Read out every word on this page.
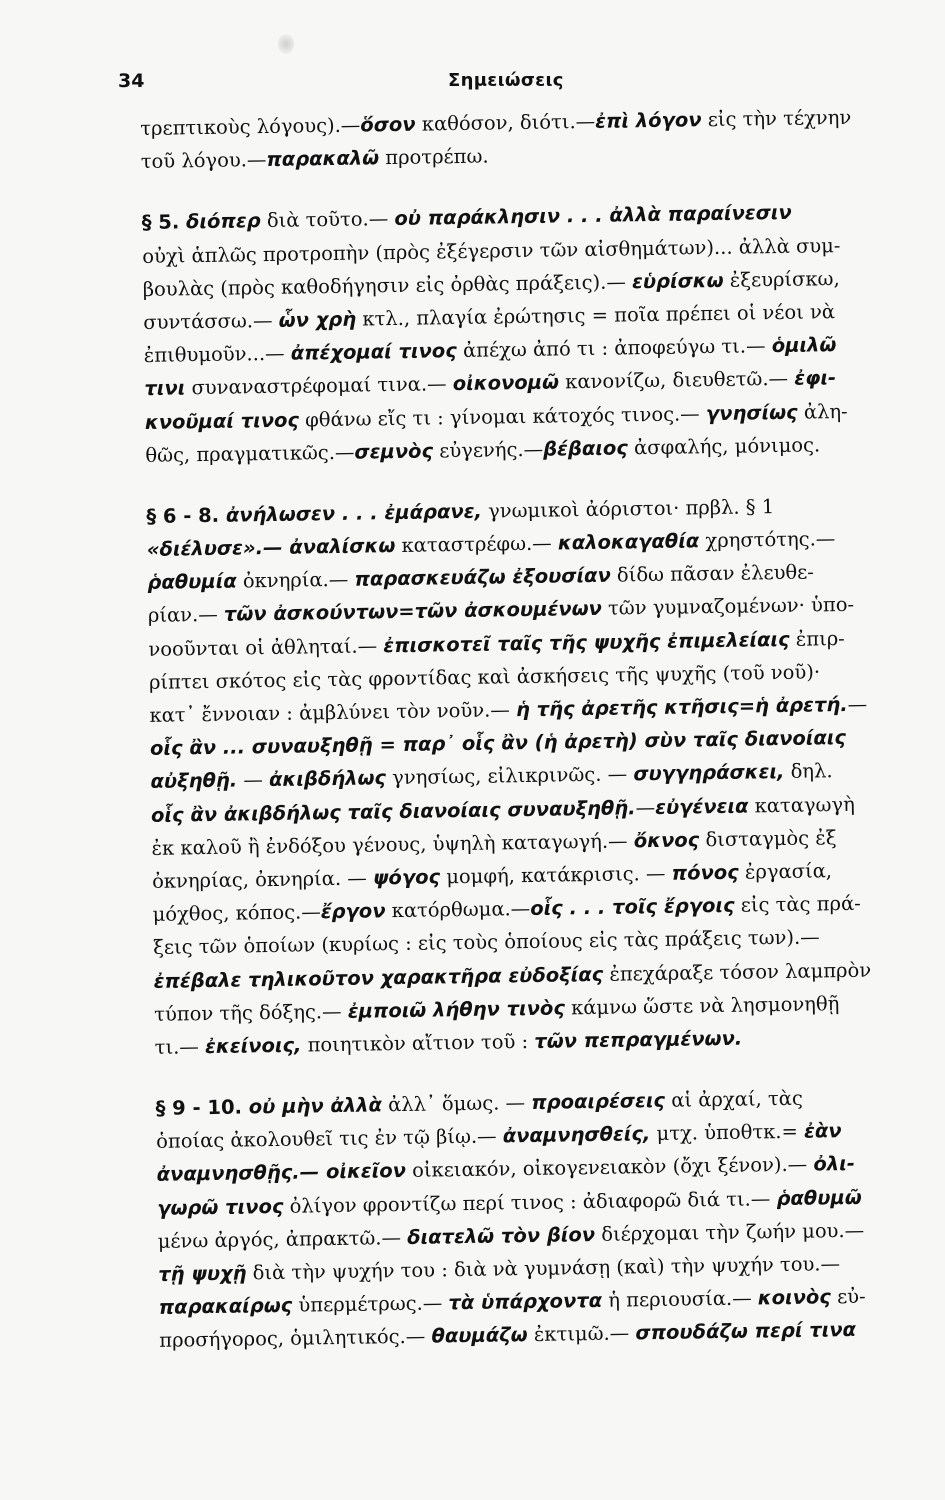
34	Σημειώσεις
τρεπτικοὺς λόγους).—ὅσον καθόσον, διότι.—ἐπὶ λόγον εἰς τὴν τέχνην
τοῦ λόγου.—παρακαλῶ προτρέπω.
§ 5. διόπερ διὰ τοῦτο.— οὐ παράκλησιν . . . ἀλλὰ παραίνεσιν
οὐχὶ ἁπλῶς προτροπὴν (πρὸς ἐξέγερσιν τῶν αἰσθημάτων)... ἀλλὰ συμ-
βουλὰς (πρὸς καθοδήγησιν εἰς ὀρθὰς πράξεις).— εὑρίσκω ἐξευρίσκω,
συντάσσω.— ὧν χρὴ κτλ., πλαγία ἐρώτησις = ποῖα πρέπει οἱ νέοι νὰ
ἐπιθυμοῦν...— ἀπέχομαί τινος ἀπέχω ἀπό τι : ἀποφεύγω τι.— ὁμιλῶ
τινι συναναστρέφομαί τινα.— οἰκονομῶ κανονίζω, διευθετῶ.— ἐφι-
κνοῦμαί τινος φθάνω εἴς τι : γίνομαι κάτοχός τινος.— γνησίως ἀλη-
θῶς, πραγματικῶς.—σεμνὸς εὐγενής.—βέβαιος ἀσφαλής, μόνιμος.
§ 6 - 8. ἀνήλωσεν . . . ἐμάρανε, γνωμικοὶ ἀόριστοι· πρβλ. § 1
«διέλυσε».— ἀναλίσκω καταστρέφω.— καλοκαγαθία χρηστότης.—
ῥαθυμία ὀκνηρία.— παρασκευάζω ἐξουσίαν δίδω πᾶσαν ἐλευθε-
ρίαν.— τῶν ἀσκούντων=τῶν ἀσκουμένων τῶν γυμναζομένων· ὑπο-
νοοῦνται οἱ ἀθληταί.— ἐπισκοτεῖ ταῖς τῆς ψυχῆς ἐπιμελείαις ἐπιρ-
ρίπτει σκότος εἰς τὰς φροντίδας καὶ ἀσκήσεις τῆς ψυχῆς (τοῦ νοῦ)·
κατ᾿ ἔννοιαν : ἀμβλύνει τὸν νοῦν.— ἡ τῆς ἀρετῆς κτῆσις=ἡ ἀρετή.—
οἷς ἂν ... συναυξηθῇ = παρ᾿ οἷς ἂν (ἡ ἀρετὴ) σὺν ταῖς διανοίαις
αὐξηθῇ. — ἀκιβδήλως γνησίως, εἰλικρινῶς. — συγγηράσκει, δηλ.
οἷς ἂν ἀκιβδήλως ταῖς διανοίαις συναυξηθῇ.—εὐγένεια καταγωγὴ
ἐκ καλοῦ ἢ ἐνδόξου γένους, ὑψηλὴ καταγωγή.— ὄκνος δισταγμὸς ἐξ
ὀκνηρίας, ὀκνηρία. — ψόγος μομφή, κατάκρισις. — πόνος ἐργασία,
μόχθος, κόπος.—ἔργον κατόρθωμα.—οἷς . . . τοῖς ἔργοις εἰς τὰς πρά-
ξεις τῶν ὁποίων (κυρίως : εἰς τοὺς ὁποίους εἰς τὰς πράξεις των).—
ἐπέβαλε τηλικοῦτον χαρακτῆρα εὐδοξίας ἐπεχάραξε τόσον λαμπρὸν
τύπον τῆς δόξης.— ἐμποιῶ λήθην τινὸς κάμνω ὥστε νὰ λησμονηθῇ
τι.— ἐκείνοις, ποιητικὸν αἴτιον τοῦ : τῶν πεπραγμένων.
§ 9 - 10. οὐ μὴν ἀλλὰ ἀλλ᾿ ὅμως. — προαιρέσεις αἱ ἀρχαί, τὰς
ὁποίας ἀκολουθεῖ τις ἐν τῷ βίῳ.— ἀναμνησθείς, μτχ. ὑποθτκ.= ἐὰν
ἀναμνησθῇς.— οἰκεῖον οἰκειακόν, οἰκογενειακὸν (ὄχι ξένον).— ὀλι-
γωρῶ τινος ὀλίγον φροντίζω περί τινος : ἀδιαφορῶ διά τι.— ῥαθυμῶ
μένω ἀργός, ἀπρακτῶ.— διατελῶ τὸν βίον διέρχομαι τὴν ζωήν μου.—
τῇ ψυχῇ διὰ τὴν ψυχήν του : διὰ νὰ γυμνάσῃ (καὶ) τὴν ψυχήν του.—
παρακαίρως ὑπερμέτρως.— τὰ ὑπάρχοντα ἡ περιουσία.— κοινὸς εὐ-
προσήγορος, ὁμιλητικός.— θαυμάζω ἐκτιμῶ.— σπουδάζω περί τινα
